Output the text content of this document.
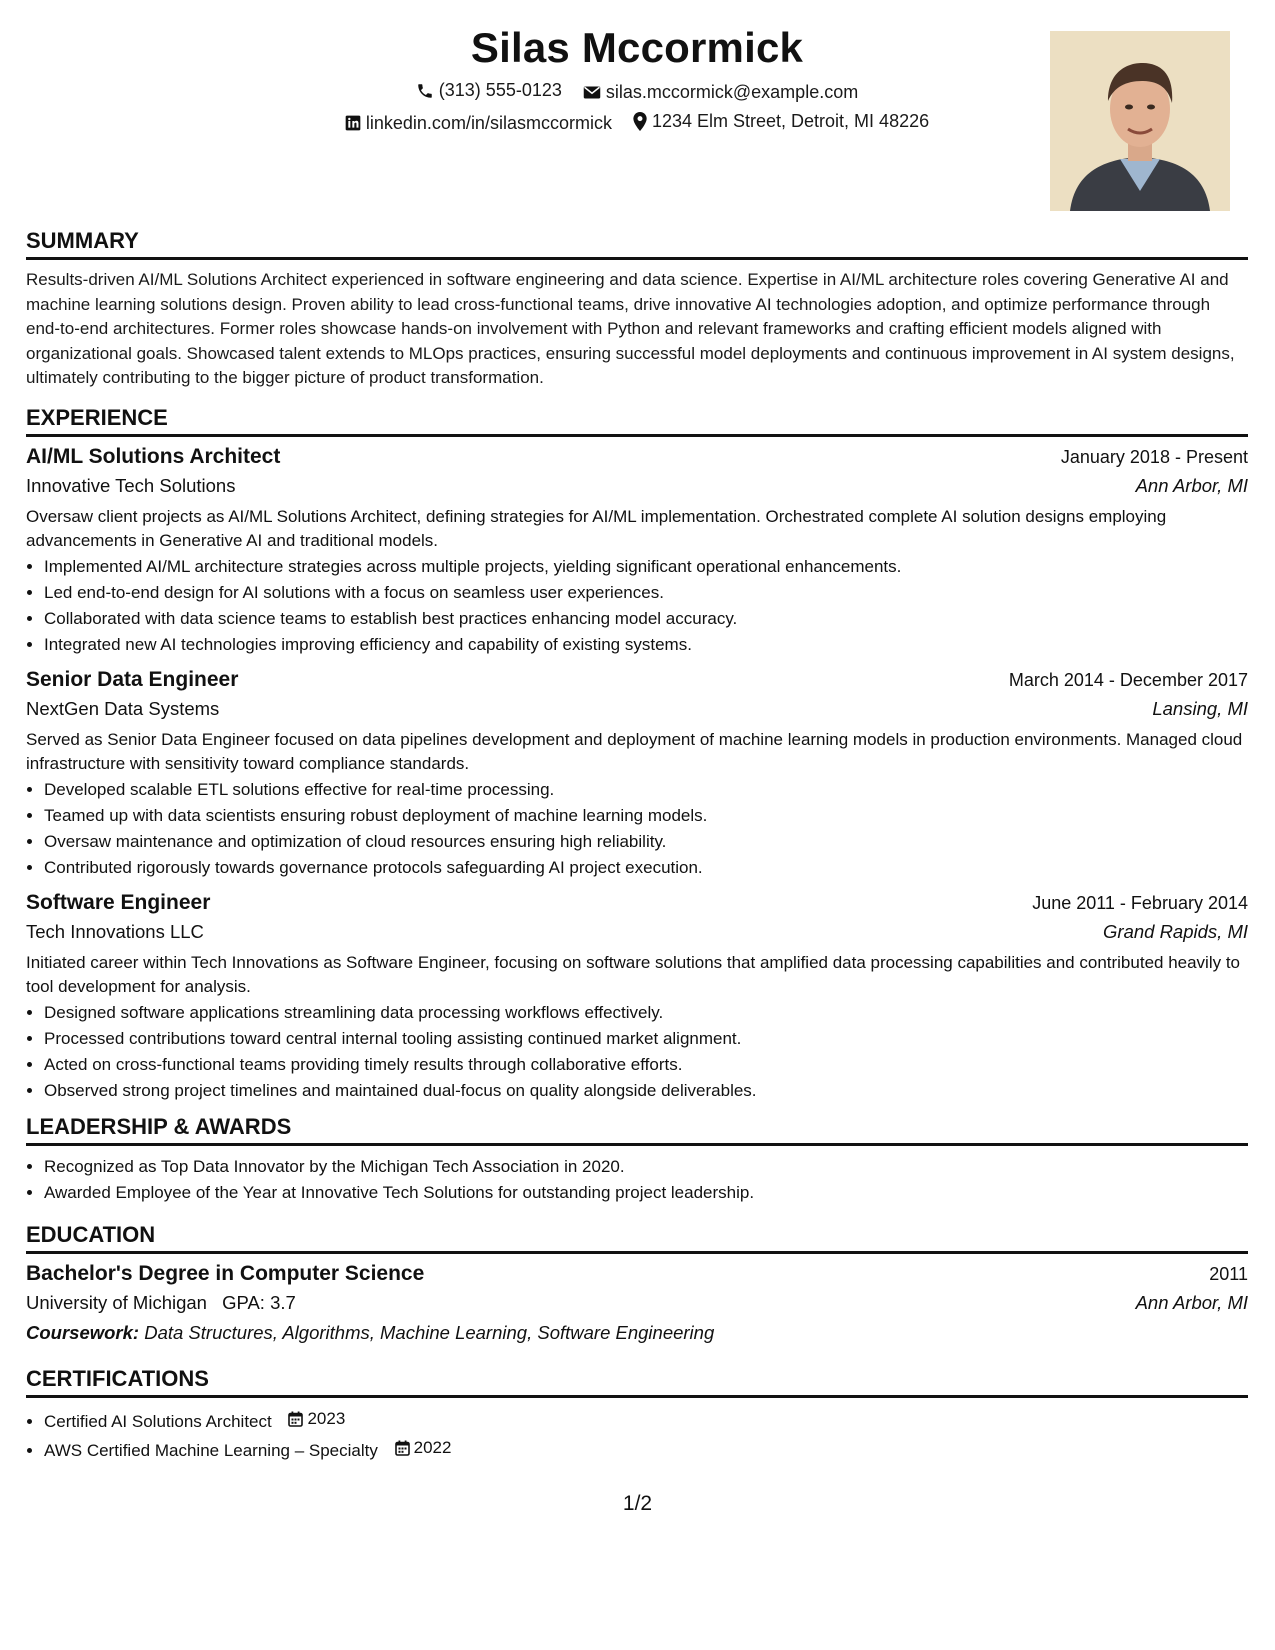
Silas Mccormick
(313) 555-0123
silas.mccormick@example.com
linkedin.com/in/silasmccormick
1234 Elm Street, Detroit, MI 48226
SUMMARY
Results-driven AI/ML Solutions Architect experienced in software engineering and data science. Expertise in AI/ML architecture roles covering Generative AI and machine learning solutions design. Proven ability to lead cross-functional teams, drive innovative AI technologies adoption, and optimize performance through end-to-end architectures. Former roles showcase hands-on involvement with Python and relevant frameworks and crafting efficient models aligned with organizational goals. Showcased talent extends to MLOps practices, ensuring successful model deployments and continuous improvement in AI system designs, ultimately contributing to the bigger picture of product transformation.
EXPERIENCE
AI/ML Solutions Architect	January 2018 - Present
Innovative Tech Solutions	Ann Arbor, MI
Oversaw client projects as AI/ML Solutions Architect, defining strategies for AI/ML implementation. Orchestrated complete AI solution designs employing advancements in Generative AI and traditional models.
• Implemented AI/ML architecture strategies across multiple projects, yielding significant operational enhancements.
• Led end-to-end design for AI solutions with a focus on seamless user experiences.
• Collaborated with data science teams to establish best practices enhancing model accuracy.
• Integrated new AI technologies improving efficiency and capability of existing systems.
Senior Data Engineer	March 2014 - December 2017
NextGen Data Systems	Lansing, MI
Served as Senior Data Engineer focused on data pipelines development and deployment of machine learning models in production environments. Managed cloud infrastructure with sensitivity toward compliance standards.
• Developed scalable ETL solutions effective for real-time processing.
• Teamed up with data scientists ensuring robust deployment of machine learning models.
• Oversaw maintenance and optimization of cloud resources ensuring high reliability.
• Contributed rigorously towards governance protocols safeguarding AI project execution.
Software Engineer	June 2011 - February 2014
Tech Innovations LLC	Grand Rapids, MI
Initiated career within Tech Innovations as Software Engineer, focusing on software solutions that amplified data processing capabilities and contributed heavily to tool development for analysis.
• Designed software applications streamlining data processing workflows effectively.
• Processed contributions toward central internal tooling assisting continued market alignment.
• Acted on cross-functional teams providing timely results through collaborative efforts.
• Observed strong project timelines and maintained dual-focus on quality alongside deliverables.
LEADERSHIP & AWARDS
• Recognized as Top Data Innovator by the Michigan Tech Association in 2020.
• Awarded Employee of the Year at Innovative Tech Solutions for outstanding project leadership.
EDUCATION
Bachelor's Degree in Computer Science	2011
University of Michigan GPA: 3.7	Ann Arbor, MI
Coursework: Data Structures, Algorithms, Machine Learning, Software Engineering
CERTIFICATIONS
• Certified AI Solutions Architect 2023
• AWS Certified Machine Learning – Specialty 2022
1/2
